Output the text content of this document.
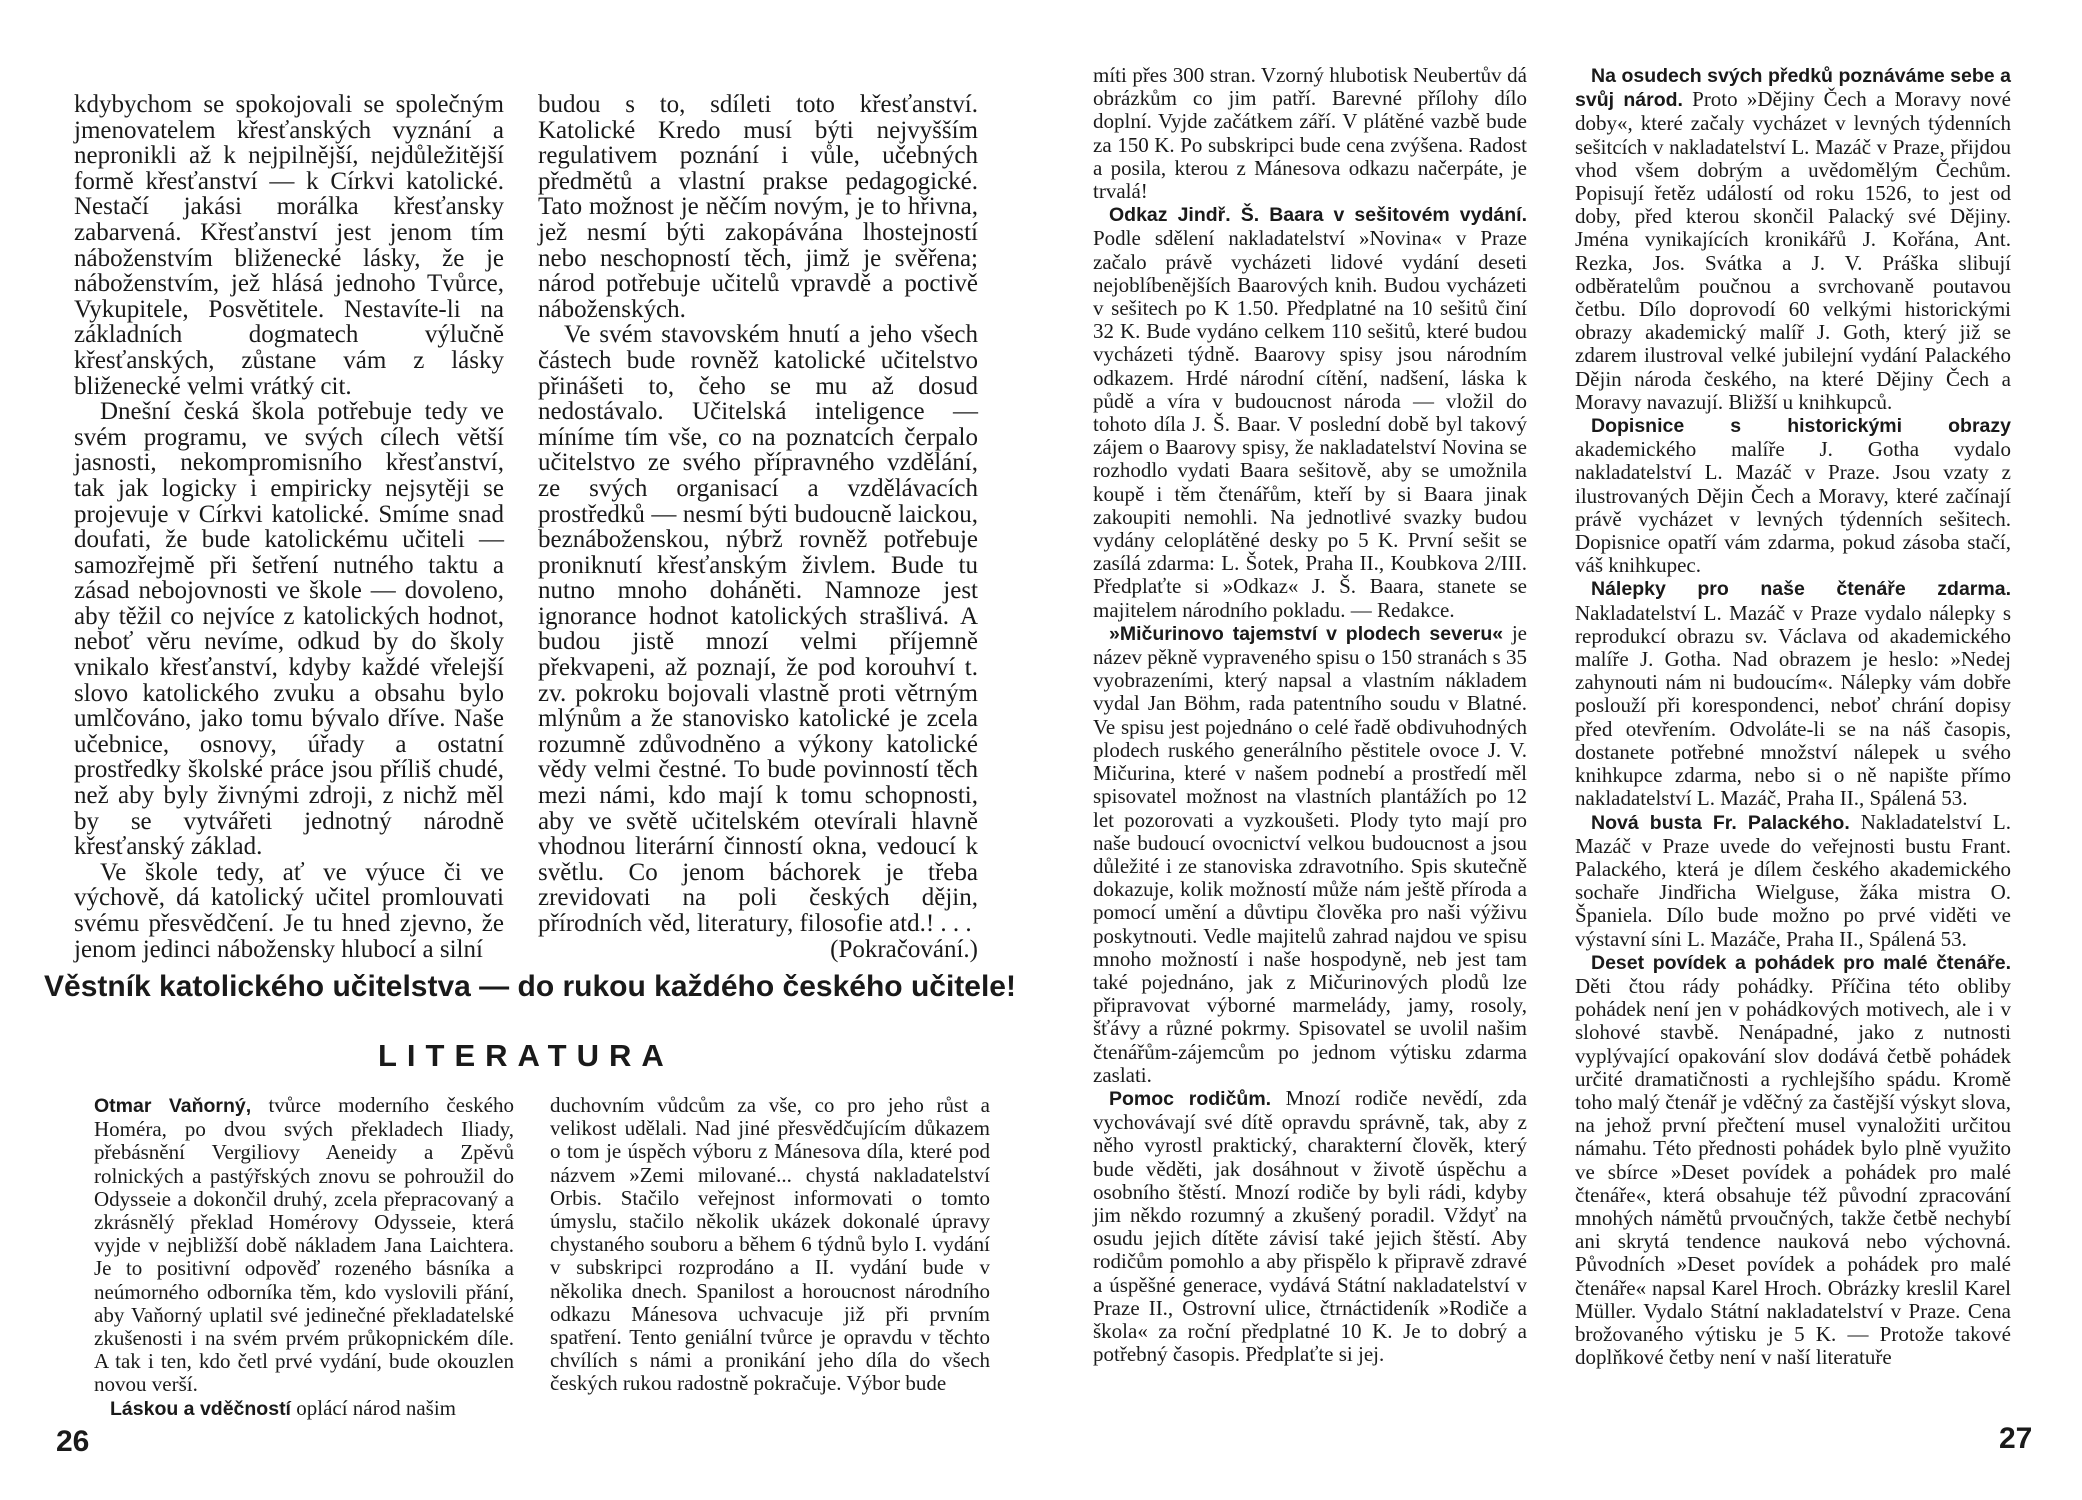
kdybychom se spokojovali se společným jmenovatelem křesťanských vyznání a nepronikli až k nejpilnější, nejdůležitější formě křesťanství — k Církvi katolické. Nestačí jakási morálka křesťansky zabarvená. Křesťanství jest jenom tím náboženstvím bliženecké lásky, že je náboženstvím, jež hlásá jednoho Tvůrce, Vykupitele, Posvětitele. Nestavíte-li na základních dogmatech výlučně křesťanských, zůstane vám z lásky bliženecké velmi vrátký cit.

Dnešní česká škola potřebuje tedy ve svém programu, ve svých cílech větší jasnosti, nekompromisního křesťanství, tak jak logicky i empiricky nejsytěji se projevuje v Církvi katolické. Smíme snad doufati, že bude katolickému učiteli — samozřejmě při šetření nutného taktu a zásad nebojovnosti ve škole — dovoleno, aby těžil co nejvíce z katolických hodnot, neboť věru nevíme, odkud by do školy vnikalo křesťanství, kdyby každé vřelejší slovo katolického zvuku a obsahu bylo umlčováno, jako tomu bývalo dříve. Naše učebnice, osnovy, úřady a ostatní prostředky školské práce jsou příliš chudé, než aby byly živnými zdroji, z nichž měl by se vytvářeti jednotný národně křesťanský základ.

Ve škole tedy, ať ve výuce či ve výchově, dá katolický učitel promlouvati svému přesvědčení. Je tu hned zjevno, že jenom jedinci nábožensky hlubocí a silní

budou s to, sdíleti toto křesťanství. Katolické Kredo musí býti nejvyšším regulativem poznání i vůle, učebných předmětů a vlastní prakse pedagogické. Tato možnost je něčím novým, je to hřivna, jež nesmí býti zakopávána lhostejností nebo neschopností těch, jimž je svěřena; národ potřebuje učitelů vpravdě a poctivě náboženských.

Ve svém stavovském hnutí a jeho všech částech bude rovněž katolické učitelstvo přinášeti to, čeho se mu až dosud nedostávalo. Učitelská inteligence — míníme tím vše, co na poznatcích čerpalo učitelstvo ze svého přípravného vzdělání, ze svých organisací a vzdělávacích prostředků — nesmí býti budoucně laickou, beznáboženskou, nýbrž rovněž potřebuje proniknutí křesťanským živlem. Bude tu nutno mnoho doháněti. Namnoze jest ignorance hodnot katolických strašlivá. A budou jistě mnozí velmi příjemně překvapeni, až poznají, že pod korouhví t. zv. pokroku bojovali vlastně proti větrným mlýnům a že stanovisko katolické je zcela rozumně zdůvodněno a výkony katolické vědy velmi čestné. To bude povinností těch mezi námi, kdo mají k tomu schopnosti, aby ve světě učitelském otevírali hlavně vhodnou literární činností okna, vedoucí k světlu. Co jenom báchorek je třeba zrevidovati na poli českých dějin, přírodních věd, literatury, filosofie atd.! . . .
(Pokračování.)

Věstník katolického učitelstva — do rukou každého českého učitele!
LITERATURA

Otmar Vaňorný, tvůrce moderního českého Homéra, po dvou svých překladech Iliady, přebásnění Vergiliovy Aeneidy a Zpěvů rolnických a pastýřských znovu se pohroužil do Odysseie a dokončil druhý, zcela přepracovaný a zkrásnělý překlad Homérovy Odysseie, která vyjde v nejbližší době nákladem Jana Laichtera. Je to positivní odpověď rozeného básníka a neúmorného odborníka těm, kdo vyslovili přání, aby Vaňorný uplatil své jedinečné překladatelské zkušenosti i na svém prvém průkopnickém díle. A tak i ten, kdo četl prvé vydání, bude okouzlen novou verší.

Láskou a vděčností oplácí národ našim

duchovním vůdcům za vše, co pro jeho růst a velikost udělali. Nad jiné přesvědčujícím důkazem o tom je úspěch výboru z Mánesova díla, které pod názvem »Zemi milované... chystá nakladatelství Orbis. Stačilo veřejnost informovati o tomto úmyslu, stačilo několik ukázek dokonalé úpravy chystaného souboru a během 6 týdnů bylo I. vydání v subskripci rozprodáno a II. vydání bude v několika dnech. Spanilost a horoucnost národního odkazu Mánesova uchvacuje již při prvním spatření. Tento geniální tvůrce je opravdu v těchto chvílích s námi a pronikání jeho díla do všech českých rukou radostně pokračuje. Výbor bude

26

míti přes 300 stran. Vzorný hlubotisk Neubertův dá obrázkům co jim patří. Barevné přílohy dílo doplní. Vyjde začátkem září. V plátěné vazbě bude za 150 K. Po subskripci bude cena zvýšena. Radost a posila, kterou z Mánesova odkazu načerpáte, je trvalá!

Odkaz Jindř. Š. Baara v sešitovém vydání. Podle sdělení nakladatelství »Novina« v Praze začalo právě vycházeti lidové vydání deseti nejoblíbenějších Baarových knih. Budou vycházeti v sešitech po K 1.50. Předplatné na 10 sešitů činí 32 K. Bude vydáno celkem 110 sešitů, které budou vycházeti týdně. Baarovy spisy jsou národním odkazem. Hrdé národní cítění, nadšení, láska k půdě a víra v budoucnost národa — vložil do tohoto díla J. Š. Baar. V poslední době byl takový zájem o Baarovy spisy, že nakladatelství Novina se rozhodlo vydati Baara sešitově, aby se umožnila koupě i těm čtenářům, kteří by si Baara jinak zakoupiti nemohli. Na jednotlivé svazky budou vydány celoplátěné desky po 5 K. První sešit se zasílá zdarma: L. Šotek, Praha II., Koubkova 2/III. Předplaťte si »Odkaz« J. Š. Baara, stanete se majitelem národního pokladu. — Redakce.

»Mičurinovo tajemství v plodech severu« je název pěkně vypraveného spisu o 150 stranách s 35 vyobrazeními, který napsal a vlastním nákladem vydal Jan Böhm, rada patentního soudu v Blatné. Ve spisu jest pojednáno o celé řadě obdivuhodných plodech ruského generálního pěstitele ovoce J. V. Mičurina, které v našem podnebí a prostředí měl spisovatel možnost na vlastních plantážích po 12 let pozorovati a vyzkoušeti. Plody tyto mají pro naše budoucí ovocnictví velkou budoucnost a jsou důležité i ze stanoviska zdravotního. Spis skutečně dokazuje, kolik možností může nám ještě příroda a pomocí umění a důvtipu člověka pro naši výživu poskytnouti. Vedle majitelů zahrad najdou ve spisu mnoho možností i naše hospodyně, neb jest tam také pojednáno, jak z Mičurinových plodů lze připravovat výborné marmelády, jamy, rosoly, šťávy a různé pokrmy. Spisovatel se uvolil našim čtenářům-zájemcům po jednom výtisku zdarma zaslati.

Pomoc rodičům. Mnozí rodiče nevědí, zda vychovávají své dítě opravdu správně, tak, aby z něho vyrostl praktický, charakterní člověk, který bude věděti, jak dosáhnout v životě úspěchu a osobního štěstí. Mnozí rodiče by byli rádi, kdyby jim někdo rozumný a zkušený poradil. Vždyť na osudu jejich dítěte závisí také jejich štěstí. Aby rodičům pomohlo a aby přispělo k připravě zdravé a úspěšné generace, vydává Státní nakladatelství v Praze II., Ostrovní ulice, čtrnáctideník »Rodiče a škola« za roční předplatné 10 K. Je to dobrý a potřebný časopis. Předplaťte si jej.

Na osudech svých předků poznáváme sebe a svůj národ. Proto »Dějiny Čech a Moravy nové doby«, které začaly vycházet v levných týdenních sešitcích v nakladatelství L. Mazáč v Praze, přijdou vhod všem dobrým a uvědomělým Čechům. Popisují řetěz událostí od roku 1526, to jest od doby, před kterou skončil Palacký své Dějiny. Jména vynikajících kronikářů J. Kořána, Ant. Rezka, Jos. Svátka a J. V. Práška slibují odběratelům poučnou a svrchovaně poutavou četbu. Dílo doprovodí 60 velkými historickými obrazy akademický malíř J. Goth, který již se zdarem ilustroval velké jubilejní vydání Palackého Dějin národa českého, na které Dějiny Čech a Moravy navazují. Bližší u knihkupců.

Dopisnice s historickými obrazy akademického malíře J. Gotha vydalo nakladatelství L. Mazáč v Praze. Jsou vzaty z ilustrovaných Dějin Čech a Moravy, které začínají právě vycházet v levných týdenních sešitech. Dopisnice opatří vám zdarma, pokud zásoba stačí, váš knihkupec.

Nálepky pro naše čtenáře zdarma. Nakladatelství L. Mazáč v Praze vydalo nálepky s reprodukcí obrazu sv. Václava od akademického malíře J. Gotha. Nad obrazem je heslo: »Nedej zahynouti nám ni budoucím«. Nálepky vám dobře poslouží při korespondenci, neboť chrání dopisy před otevřením. Odvoláte-li se na náš časopis, dostanete potřebné množství nálepek u svého knihkupce zdarma, nebo si o ně napište přímo nakladatelství L. Mazáč, Praha II., Spálená 53.

Nová busta Fr. Palackého. Nakladatelství L. Mazáč v Praze uvede do veřejnosti bustu Frant. Palackého, která je dílem českého akademického sochaře Jindřicha Wielguse, žáka mistra O. Španiela. Dílo bude možno po prvé viděti ve výstavní síni L. Mazáče, Praha II., Spálená 53.

Deset povídek a pohádek pro malé čtenáře. Děti čtou rády pohádky. Příčina této obliby pohádek není jen v pohádkových motivech, ale i v slohové stavbě. Nenápadné, jako z nutnosti vyplývající opakování slov dodává četbě pohádek určité dramatičnosti a rychlejšího spádu. Kromě toho malý čtenář je vděčný za častější výskyt slova, na jehož první přečtení musel vynaložiti určitou námahu. Této přednosti pohádek bylo plně využito ve sbírce »Deset povídek a pohádek pro malé čtenáře«, která obsahuje též původní zpracování mnohých námětů prvoučných, takže četbě nechybí ani skrytá tendence nauková nebo výchovná. Původních »Deset povídek a pohádek pro malé čtenáře« napsal Karel Hroch. Obrázky kreslil Karel Müller. Vydalo Státní nakladatelství v Praze. Cena brožovaného výtisku je 5 K. — Protože takové doplňkové četby není v naší literatuře

27
